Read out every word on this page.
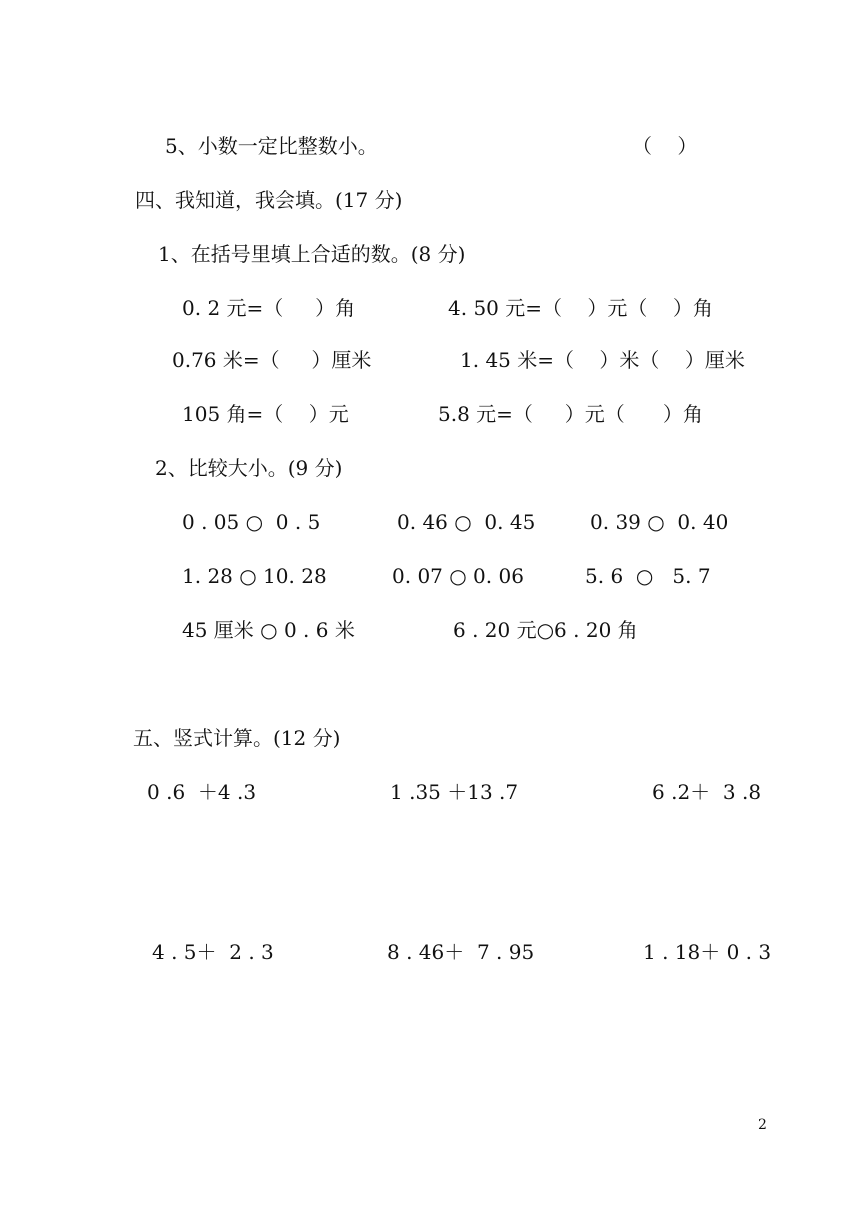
5、小数一定比整数小。	（    ）
四、我知道，我会填。(17 分)
1、在括号里填上合适的数。(8 分)
0. 2 元=（     ）角	4. 50 元=（    ）元（    ）角
0.76 米=（     ）厘米	1. 45 米=（    ）米（    ）厘米
105 角=（    ）元	5.8 元=（     ）元（      ）角
2、比较大小。(9 分)
0 . 05 ○  0 . 5	0. 46 ○  0. 45	0. 39 ○  0. 40
1. 28 ○ 10. 28	0. 07 ○ 0. 06	5. 6  ○   5. 7
45 厘米 ○ 0 . 6 米	6 . 20 元○6 . 20 角
五、竖式计算。(12 分)
0 .6  ＋4 .3	1 .35 ＋13 .7	6 .2＋  3 .8
4 . 5＋  2 . 3	8 . 46＋  7 . 95	1 . 18＋ 0 . 3
2
